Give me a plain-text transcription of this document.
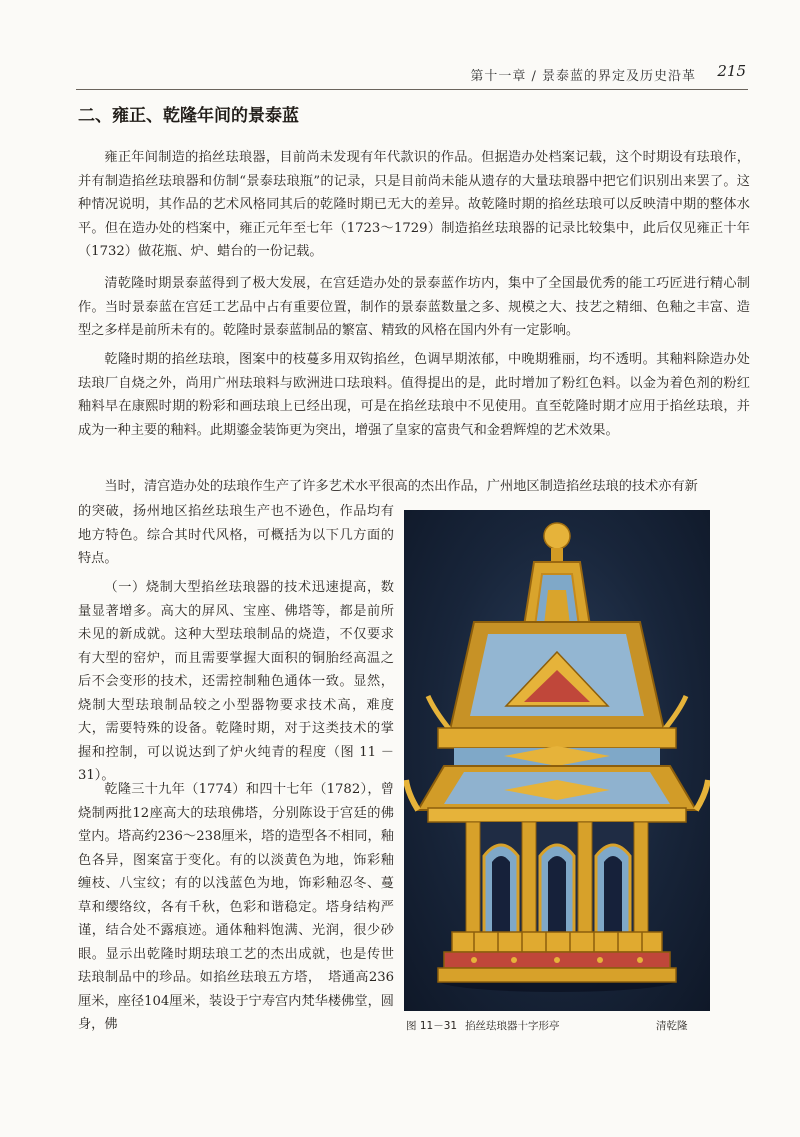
第十一章 / 景泰蓝的界定及历史沿革 215
二、雍正、乾隆年间的景泰蓝

雍正年间制造的掐丝珐琅器，目前尚未发现有年代款识的作品。但据造办处档案记载，这个时期设有珐琅作，并有制造掐丝珐琅器和仿制“景泰珐琅瓶”的记录，只是目前尚未能从遗存的大量珐琅器中把它们识别出来罢了。这种情况说明，其作品的艺术风格同其后的乾隆时期已无大的差异。故乾隆时期的掐丝珐琅可以反映清中期的整体水平。但在造办处的档案中，雍正元年至七年（1723～1729）制造掐丝珐琅器的记录比较集中，此后仅见雍正十年（1732）做花瓶、炉、蜡台的一份记载。

清乾隆时期景泰蓝得到了极大发展，在宫廷造办处的景泰蓝作坊内，集中了全国最优秀的能工巧匠进行精心制作。当时景泰蓝在宫廷工艺品中占有重要位置，制作的景泰蓝数量之多、规模之大、技艺之精细、色釉之丰富、造型之多样是前所未有的。乾隆时景泰蓝制品的繁富、精致的风格在国内外有一定影响。

乾隆时期的掐丝珐琅，图案中的枝蔓多用双钩掐丝，色调早期浓郁，中晚期雅丽，均不透明。其釉料除造办处珐琅厂自烧之外，尚用广州珐琅料与欧洲进口珐琅料。值得提出的是，此时增加了粉红色料。以金为着色剂的粉红釉料早在康熙时期的粉彩和画珐琅上已经出现，可是在掐丝珐琅中不见使用。直至乾隆时期才应用于掐丝珐琅，并成为一种主要的釉料。此期鎏金装饰更为突出，增强了皇家的富贵气和金碧辉煌的艺术效果。

当时，清宫造办处的珐琅作生产了许多艺术水平很高的杰出作品，广州地区制造掐丝珐琅的技术亦有新

的突破，扬州地区掐丝珐琅生产也不逊色，作品均有地方特色。综合其时代风格，可概括为以下几方面的特点。

（一）烧制大型掐丝珐琅器的技术迅速提高，数量显著增多。高大的屏风、宝座、佛塔等，都是前所未见的新成就。这种大型珐琅制品的烧造，不仅要求有大型的窑炉，而且需要掌握大面积的铜胎经高温之后不会变形的技术，还需控制釉色通体一致。显然，烧制大型珐琅制品较之小型器物要求技术高，难度大，需要特殊的设备。乾隆时期，对于这类技术的掌握和控制，可以说达到了炉火纯青的程度（图 11 － 31）。

乾隆三十九年（1774）和四十七年（1782），曾烧制两批12座高大的珐琅佛塔，分别陈设于宫廷的佛堂内。塔高约236～238厘米，塔的造型各不相同，釉色各异，图案富于变化。有的以淡黄色为地，饰彩釉缠枝、八宝纹；有的以浅蓝色为地，饰彩釉忍冬、蔓草和缨络纹，各有千秋，色彩和谐稳定。塔身结构严谨，结合处不露痕迹。通体釉料饱满、光润，很少砂眼。显示出乾隆时期珐琅工艺的杰出成就，也是传世珐琅制品中的珍品。如掐丝珐琅五方塔，　塔通高236厘米，座径104厘米，装设于宁寿宫内梵华楼佛堂，圆身，佛	图 11－31 掐丝珐琅器十字形亭	清乾隆
